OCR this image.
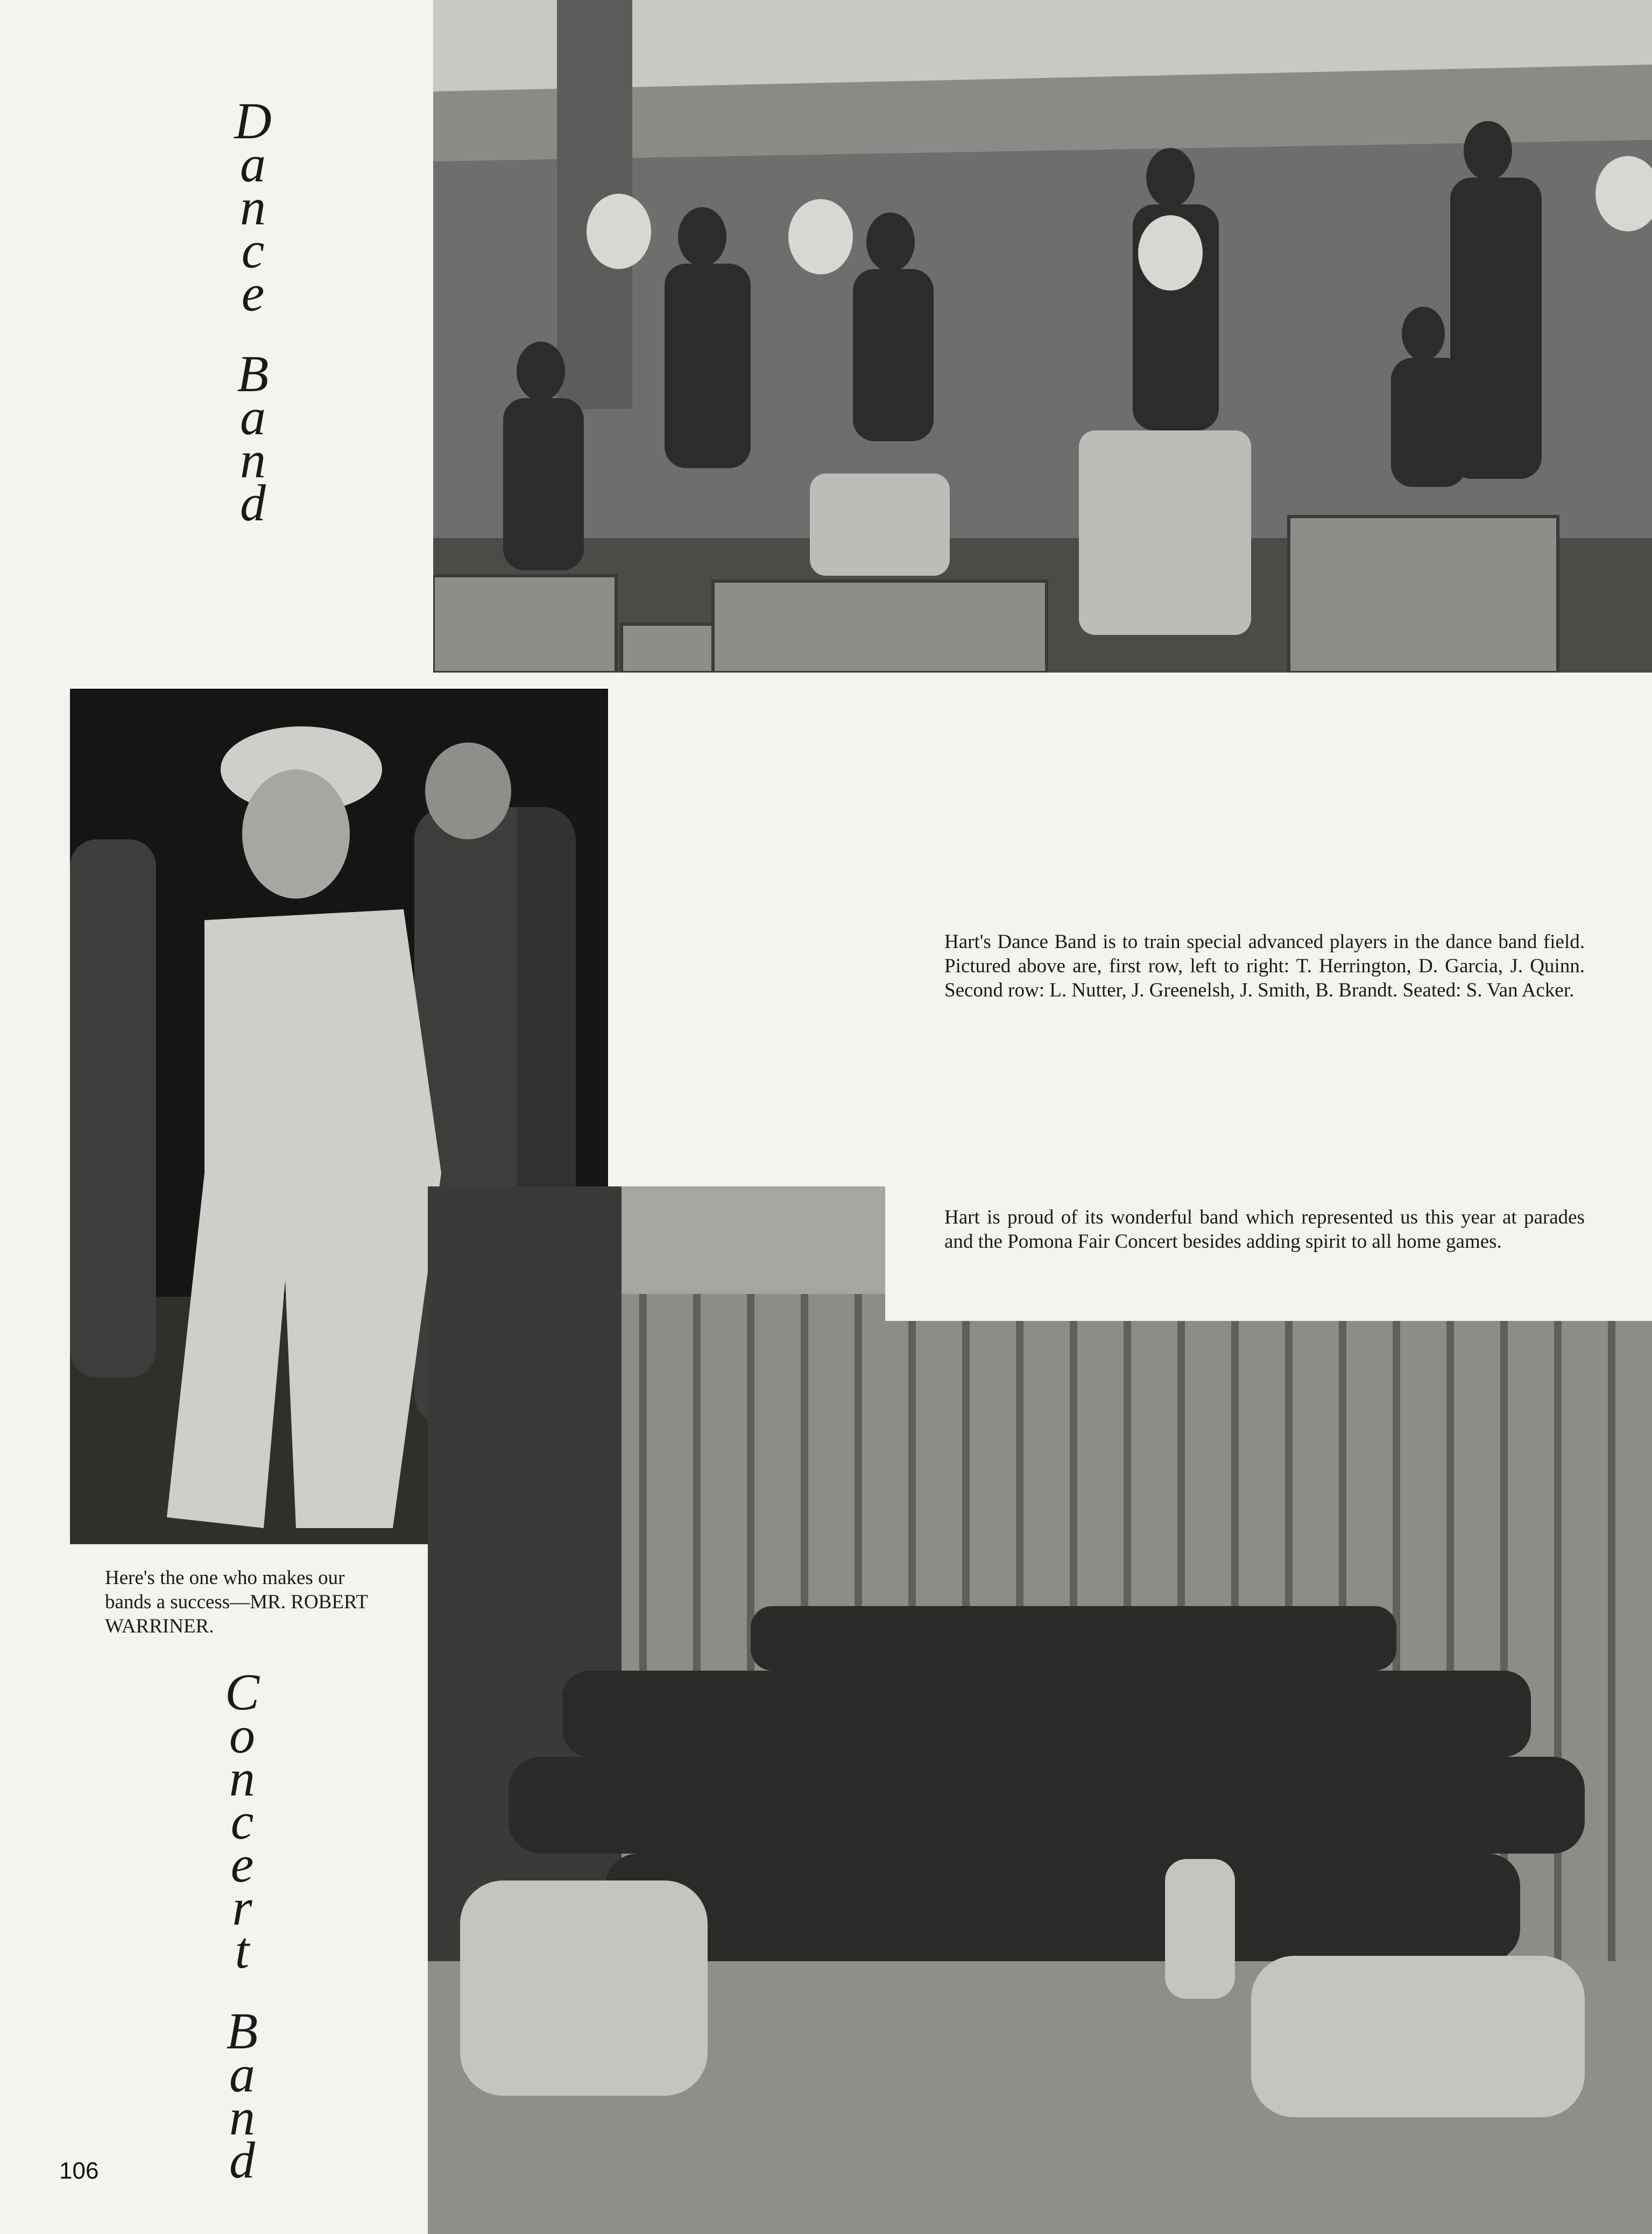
D
a
n
c
e
B
a
n
d
Hart's Dance Band is to train special advanced players in the dance band field. Pictured above are, first row, left to right: T. Herrington, D. Garcia, J. Quinn. Second row: L. Nutter, J. Greenelsh, J. Smith, B. Brandt. Seated: S. Van Acker.
Hart is proud of its wonderful band which represented us this year at parades and the Pomona Fair Concert besides adding spirit to all home games.
Here's the one who makes our bands a success—MR. ROBERT WARRINER.
C
o
n
c
e
r
t
B
a
n
d
106
